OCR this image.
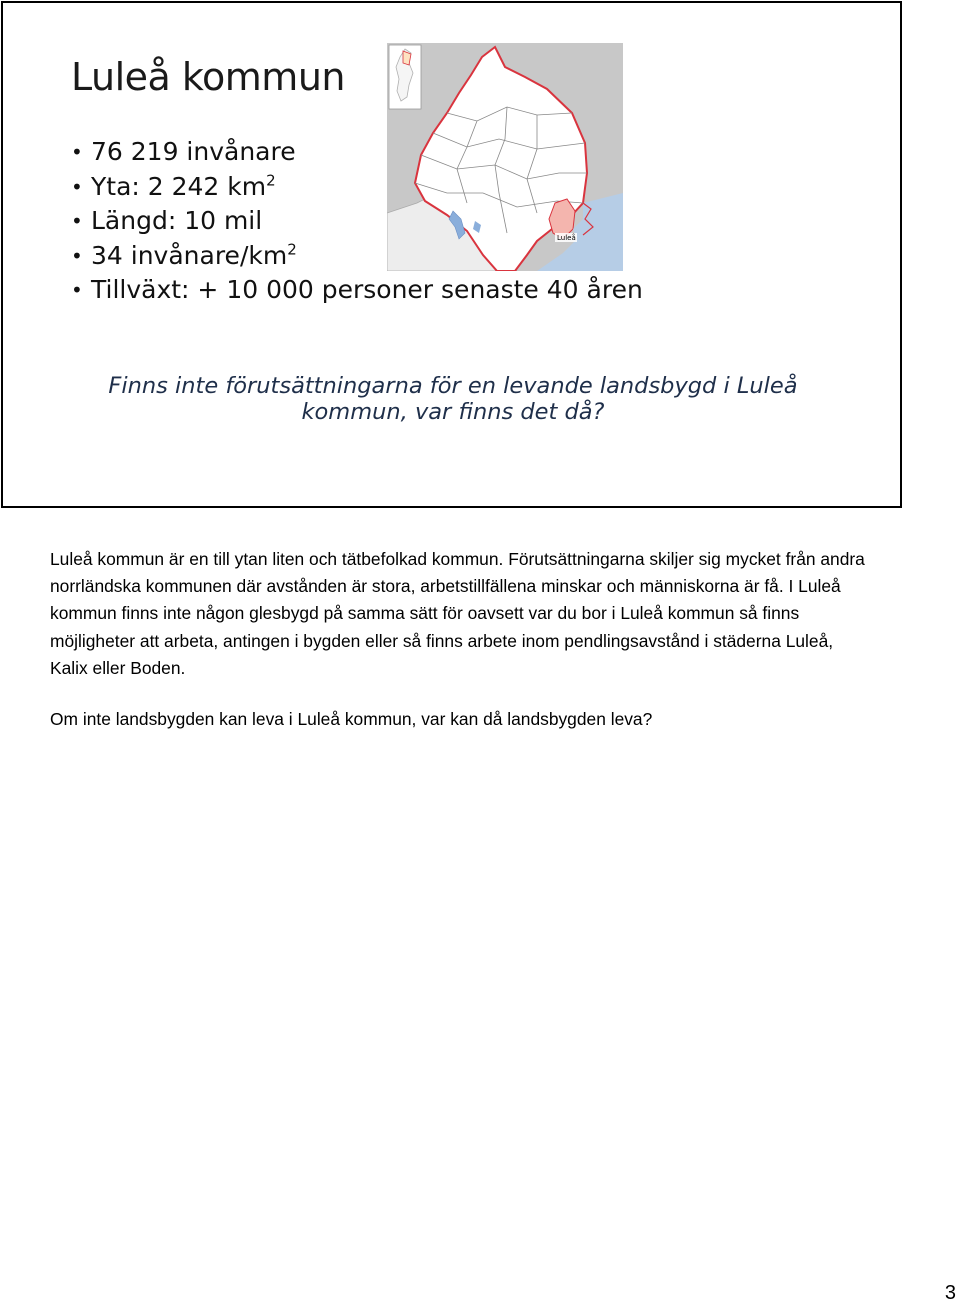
Luleå kommun
• 76 219 invånare
• Yta: 2 242 $km^2$
• Längd: 10 mil
• 34 invånare/$km^2$
• Tillväxt: + 10 000 personer senaste 40 åren
Luleå
Finns inte förutsättningarna för en levande landsbygd i Luleå
kommun, var finns det då?

Luleå kommun är en till ytan liten och tätbefolkad kommun. Förutsättningarna skiljer sig mycket från andra norrländska kommunen där avstånden är stora, arbetstillfällena minskar och människorna är få. I Luleå kommun finns inte någon glesbygd på samma sätt för oavsett var du bor i Luleå kommun så finns möjligheter att arbeta, antingen i bygden eller så finns arbete inom pendlingsavstånd i städerna Luleå, Kalix eller Boden.

Om inte landsbygden kan leva i Luleå kommun, var kan då landsbygden leva?

3
